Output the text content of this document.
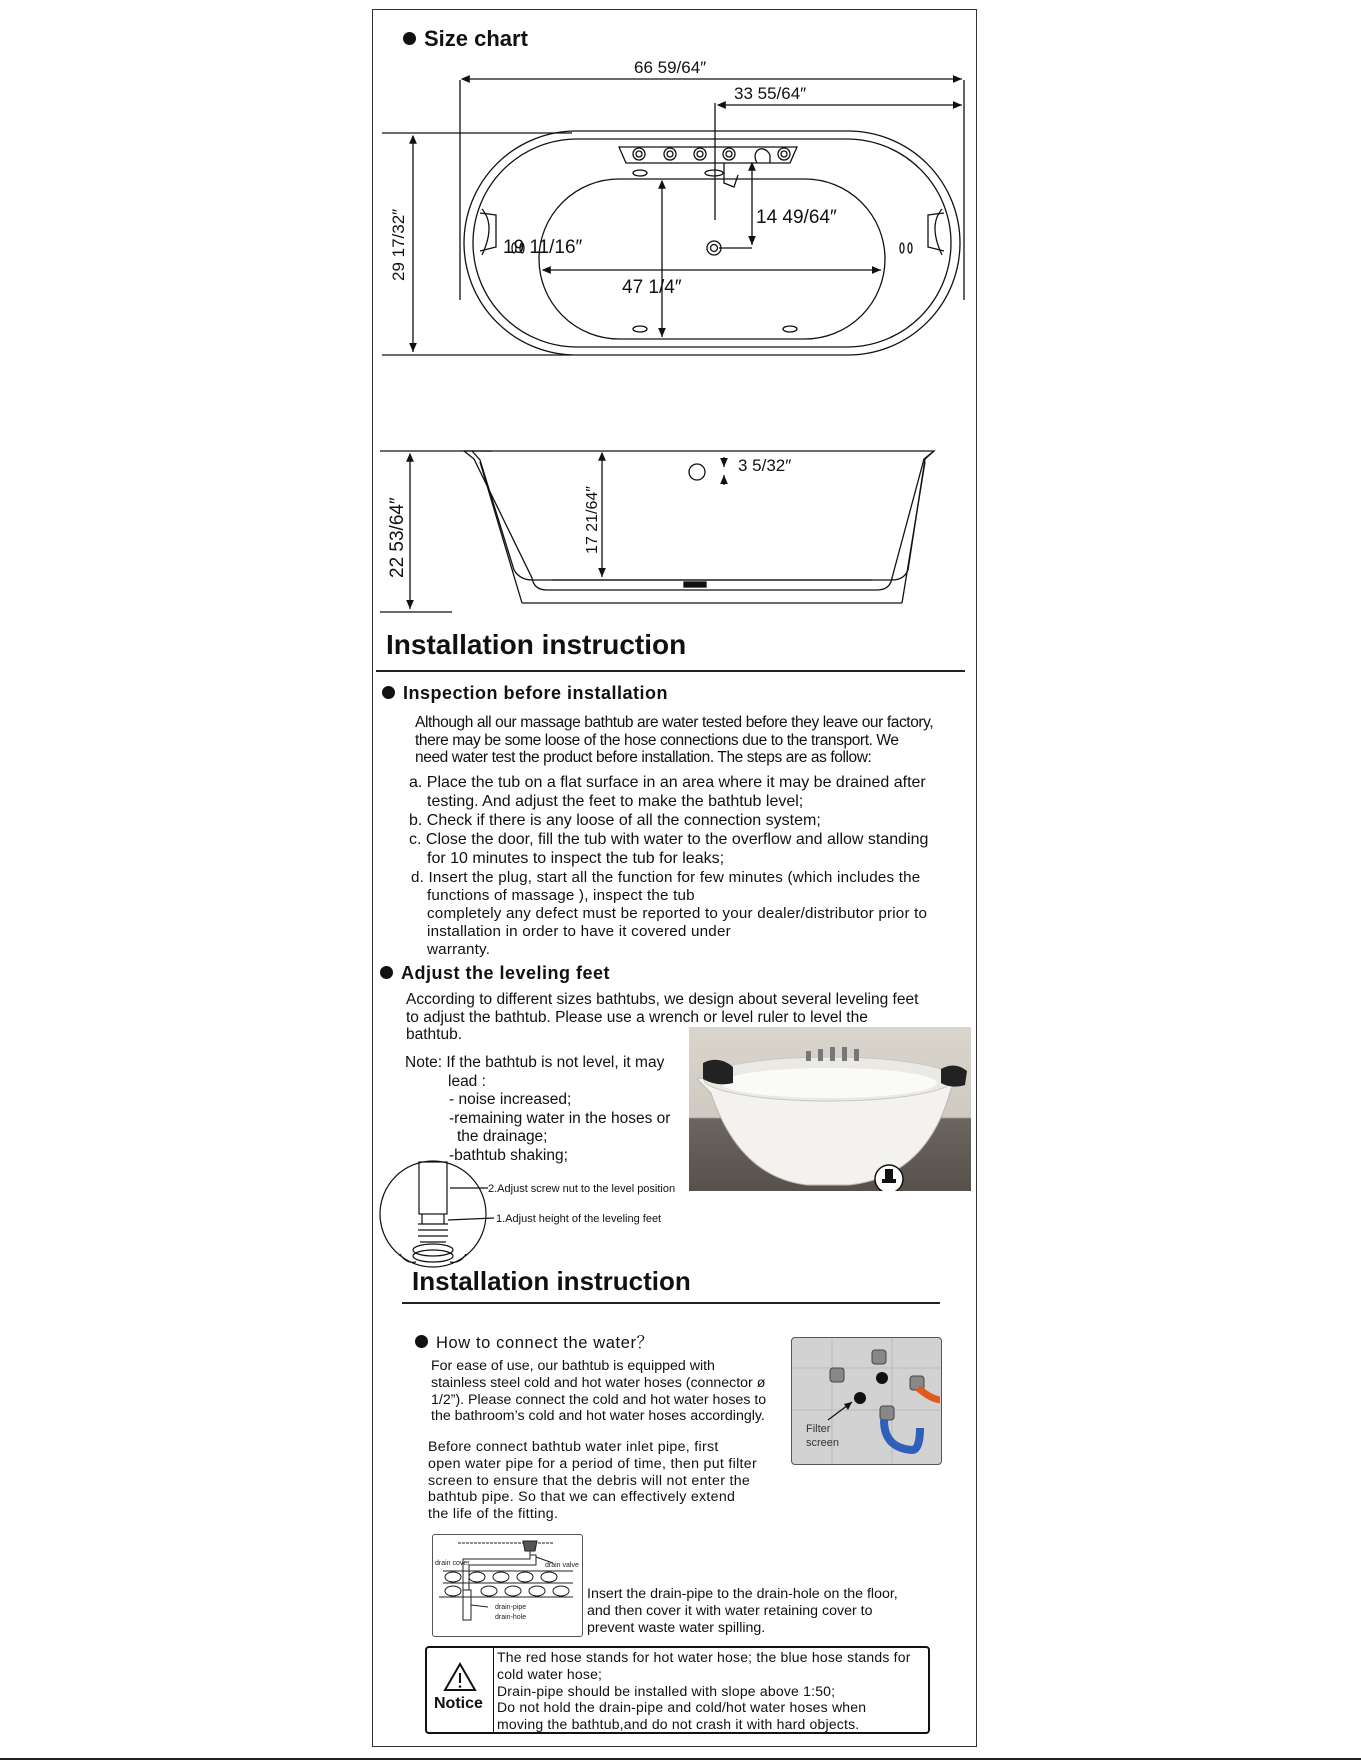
Size chart
66 59/64″
33 55/64″
19 11/16″
14 49/64″
47 1/4″
29 17/32″
3 5/32″
22 53/64″	17 21/64″
Installation instruction
Inspection before installation
Although all our massage bathtub are water tested before they leave our factory,
there may be some loose of the hose connections due to the transport. We
need water test the product before installation. The steps are as follow:
a. Place the tub on a flat surface in an area where it may be drained after
testing. And adjust the feet to make the bathtub level;
b. Check if there is any loose of all the connection system;
c. Close the door, fill the tub with water to the overflow and allow standing
for 10 minutes to inspect the tub for leaks;
d. Insert the plug, start all the function for few minutes (which includes the
functions of massage ), inspect the tub
completely any defect must be reported to your dealer/distributor prior to
installation in order to have it covered under
warranty.
Adjust the leveling feet
According to different sizes bathtubs, we design about several leveling feet
to adjust the bathtub. Please use a wrench or level ruler to level the
bathtub.
Note: If the bathtub is not level, it may
lead :
- noise increased;
-remaining water in the hoses or
the drainage;
-bathtub shaking;
2.Adjust screw nut to the level position
1.Adjust height of the leveling feet
Installation instruction
How to connect the water？
For ease of use, our bathtub is equipped with
stainless steel cold and hot water hoses (connector ø
1/2”). Please connect the cold and hot water hoses to
the bathroom’s cold and hot water hoses accordingly.
Before connect bathtub water inlet pipe, first
open water pipe for a period of time, then put filter
screen to ensure that the debris will not enter the
bathtub pipe. So that we can effectively extend
the life of the fitting.
Filter
screen
drain cover	drain valve
drain-pipe
drain-hole
Insert the drain-pipe to the drain-hole on the floor,
and then cover it with water retaining cover to
prevent waste water spilling.
Notice
The red hose stands for hot water hose; the blue hose stands for
cold water hose;
Drain-pipe should be installed with slope above 1:50;
Do not hold the drain-pipe and cold/hot water hoses when
moving the bathtub,and do not crash it with hard objects.
